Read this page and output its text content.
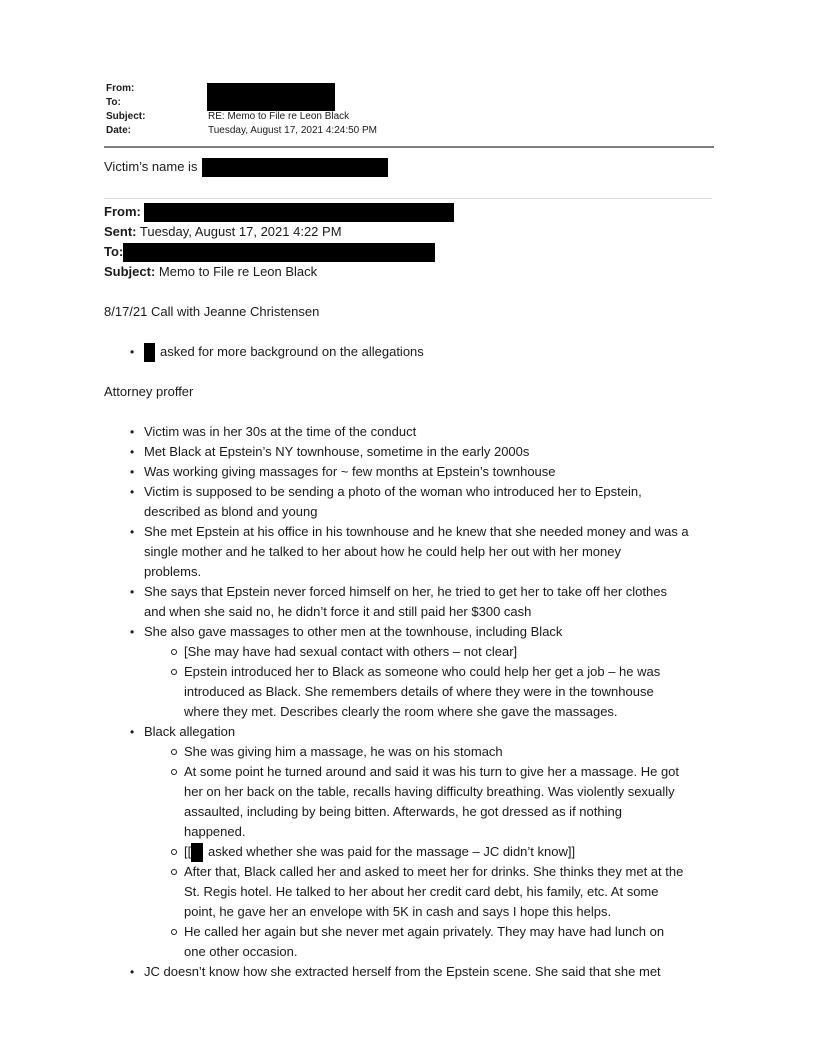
From:
To:
Subject:	RE: Memo to File re Leon Black
Date:	Tuesday, August 17, 2021 4:24:50 PM
Victim’s name is
From:
Sent: Tuesday, August 17, 2021 4:22 PM
To:
Subject: Memo to File re Leon Black
8/17/21 Call with Jeanne Christensen
• asked for more background on the allegations
Attorney proffer
• Victim was in her 30s at the time of the conduct
• Met Black at Epstein’s NY townhouse, sometime in the early 2000s
• Was working giving massages for ~ few months at Epstein’s townhouse
• Victim is supposed to be sending a photo of the woman who introduced her to Epstein,
described as blond and young
• She met Epstein at his office in his townhouse and he knew that she needed money and was a
single mother and he talked to her about how he could help her out with her money
problems.
• She says that Epstein never forced himself on her, he tried to get her to take off her clothes
and when she said no, he didn’t force it and still paid her $300 cash
• She also gave massages to other men at the townhouse, including Black
[She may have had sexual contact with others – not clear]
Epstein introduced her to Black as someone who could help her get a job – he was
introduced as Black. She remembers details of where they were in the townhouse
where they met. Describes clearly the room where she gave the massages.
• Black allegation
She was giving him a massage, he was on his stomach
At some point he turned around and said it was his turn to give her a massage. He got
her on her back on the table, recalls having difficulty breathing. Was violently sexually
assaulted, including by being bitten. Afterwards, he got dressed as if nothing
happened.
[[ asked whether she was paid for the massage – JC didn’t know]]
After that, Black called her and asked to meet her for drinks. She thinks they met at the
St. Regis hotel. He talked to her about her credit card debt, his family, etc. At some
point, he gave her an envelope with 5K in cash and says I hope this helps.
He called her again but she never met again privately. They may have had lunch on
one other occasion.
• JC doesn’t know how she extracted herself from the Epstein scene. She said that she met
